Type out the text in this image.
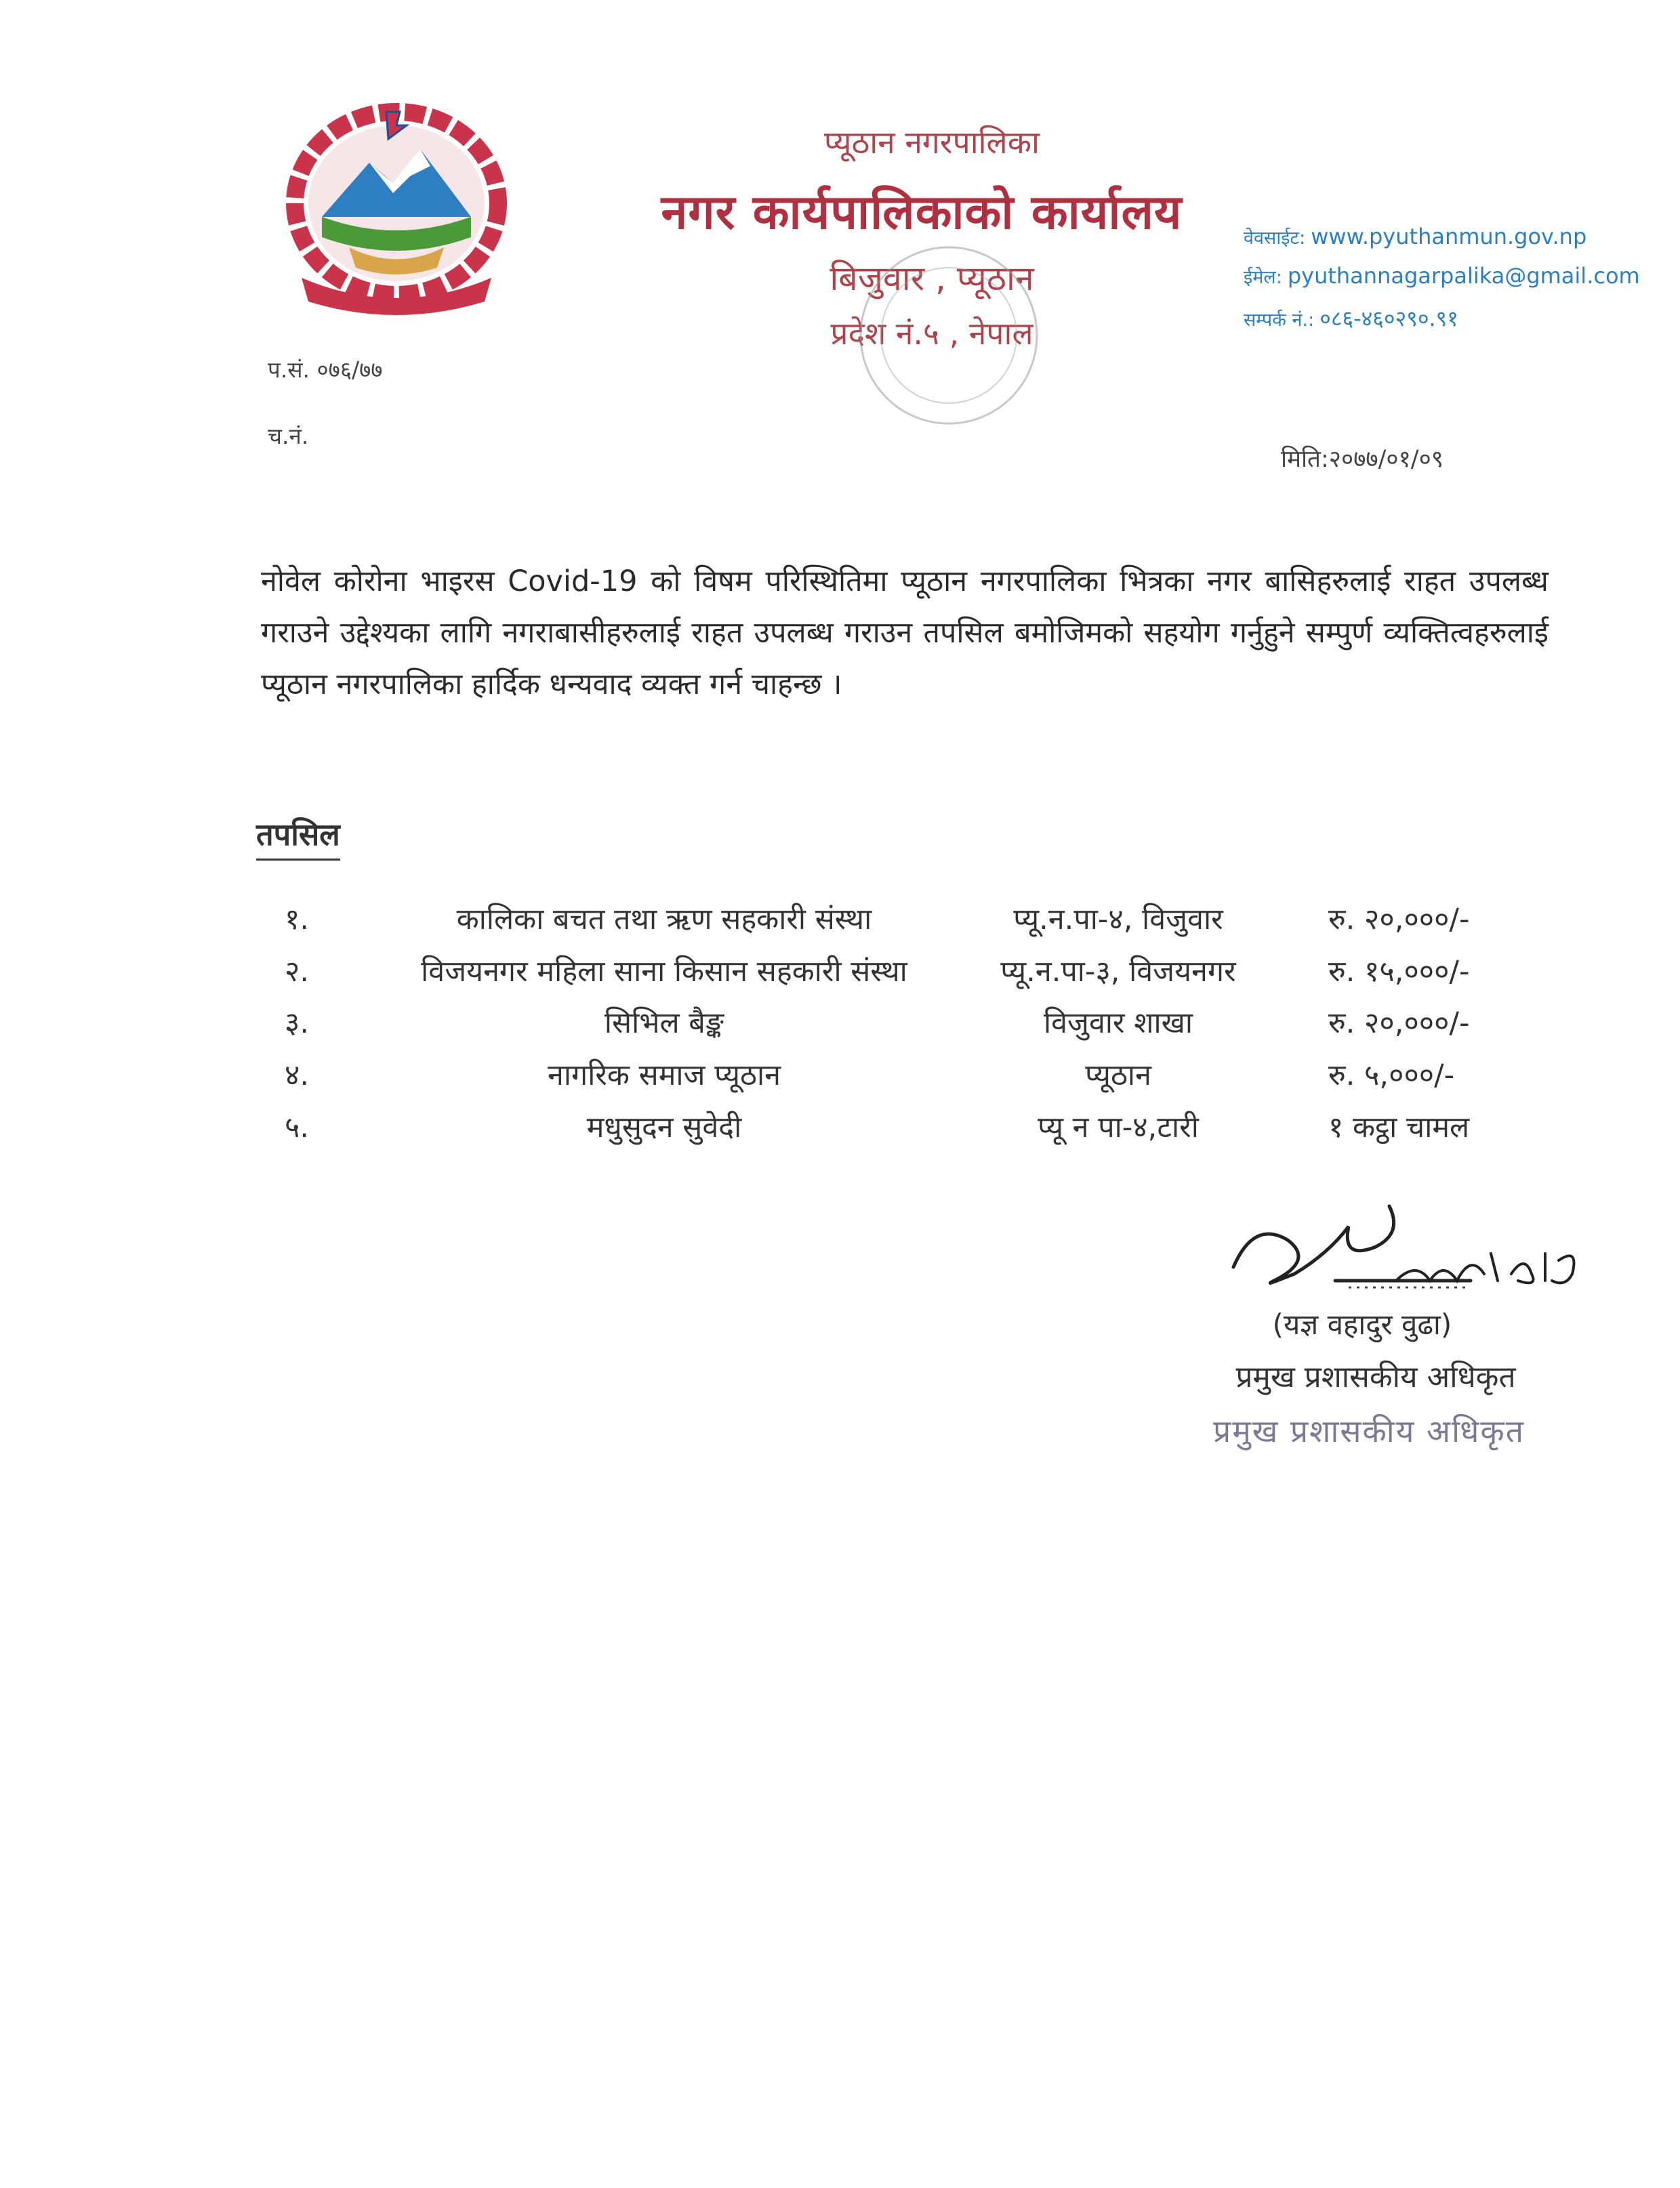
प्यूठान नगरपालिका
नगर कार्यपालिकाको कार्यालय
बिजुवार , प्यूठान
प्रदेश नं.५ , नेपाल
वेवसाईट: www.pyuthanmun.gov.np
ईमेल: pyuthannagarpalika@gmail.com
सम्पर्क नं.: ०८६-४६०२९०.९१
प.सं. ०७६/७७
च.नं.
मिति:२०७७/०१/०९
नोवेल कोरोना भाइरस Covid-19 को विषम परिस्थितिमा प्यूठान नगरपालिका भित्रका नगर बासिहरुलाई राहत उपलब्ध गराउने उद्देश्यका लागि नगराबासीहरुलाई राहत उपलब्ध गराउन तपसिल बमोजिमको सहयोग गर्नुहुने सम्पुर्ण व्यक्तित्वहरुलाई प्यूठान नगरपालिका हार्दिक धन्यवाद व्यक्त गर्न चाहन्छ ।
तपसिल
१.	कालिका बचत तथा ऋण सहकारी संस्था	प्यू.न.पा-४, विजुवार	रु. २०,०००/-
२.	विजयनगर महिला साना किसान सहकारी संस्था	प्यू.न.पा-३, विजयनगर	रु. १५,०००/-
३.	सिभिल बैङ्क	विजुवार शाखा	रु. २०,०००/-
४.	नागरिक समाज प्यूठान	प्यूठान	रु. ५,०००/-
५.	मधुसुदन सुवेदी	प्यू न पा-४,टारी	१ कट्ठा चामल
(यज्ञ वहादुर वुढा)
प्रमुख प्रशासकीय अधिकृत
प्रमुख प्रशासकीय अधिकृत
